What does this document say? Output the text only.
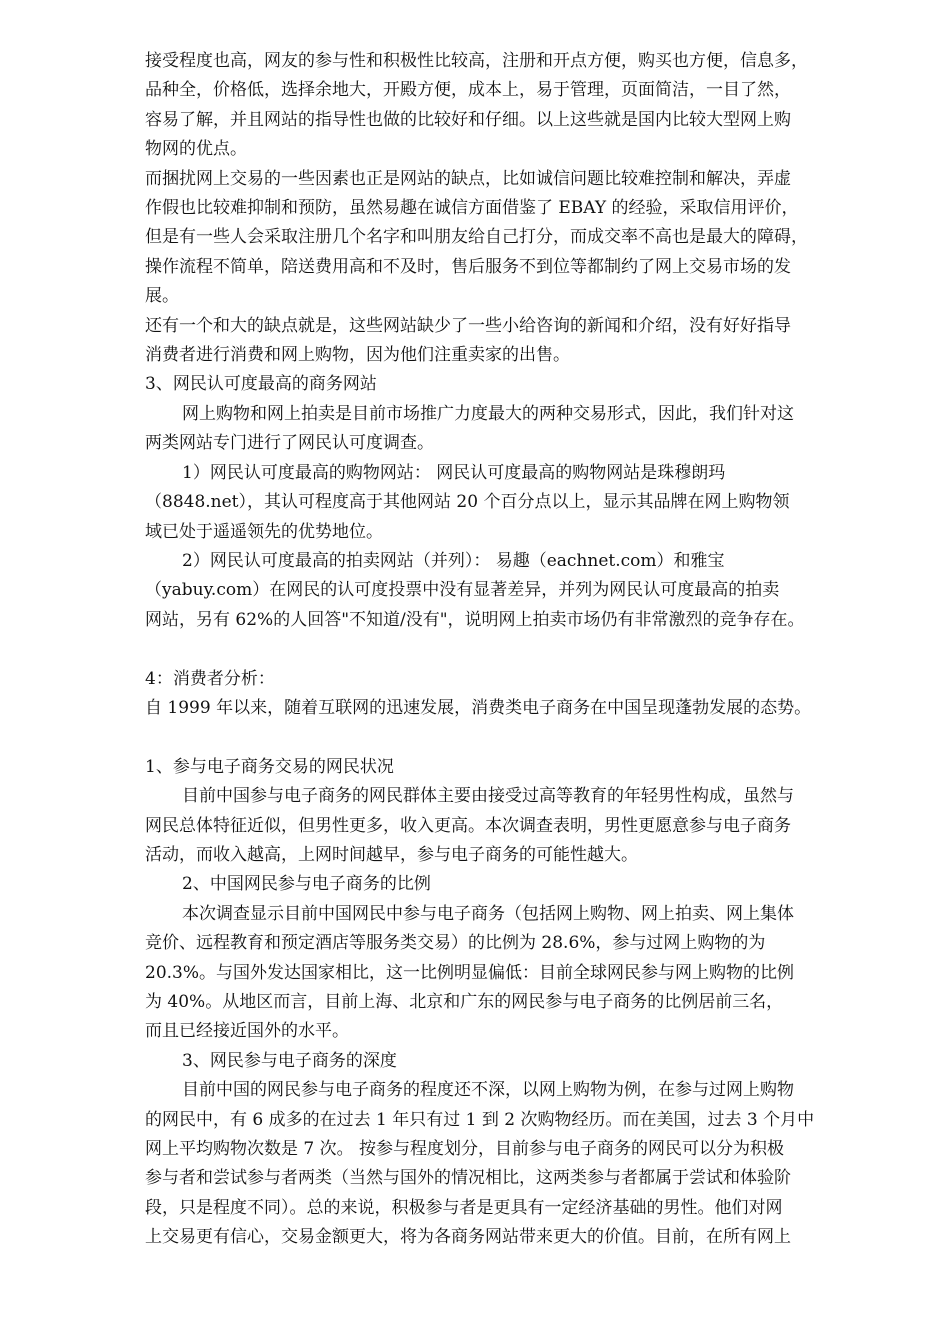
接受程度也高，网友的参与性和积极性比较高，注册和开点方便，购买也方便，信息多，
品种全，价格低，选择余地大，开殿方便，成本上，易于管理，页面简洁，一目了然，
容易了解，并且网站的指导性也做的比较好和仔细。以上这些就是国内比较大型网上购
物网的优点。
而捆扰网上交易的一些因素也正是网站的缺点，比如诚信问题比较难控制和解决，弄虚
作假也比较难抑制和预防，虽然易趣在诚信方面借鉴了 EBAY 的经验，采取信用评价，
但是有一些人会采取注册几个名字和叫朋友给自己打分，而成交率不高也是最大的障碍，
操作流程不简单，陪送费用高和不及时，售后服务不到位等都制约了网上交易市场的发
展。
还有一个和大的缺点就是，这些网站缺少了一些小给咨询的新闻和介绍，没有好好指导
消费者进行消费和网上购物，因为他们注重卖家的出售。
3、网民认可度最高的商务网站
网上购物和网上拍卖是目前市场推广力度最大的两种交易形式，因此，我们针对这
两类网站专门进行了网民认可度调查。
1）网民认可度最高的购物网站： 网民认可度最高的购物网站是珠穆朗玛
（8848.net），其认可程度高于其他网站 20 个百分点以上，显示其品牌在网上购物领
域已处于遥遥领先的优势地位。
2）网民认可度最高的拍卖网站（并列）： 易趣（eachnet.com）和雅宝
（yabuy.com）在网民的认可度投票中没有显著差异，并列为网民认可度最高的拍卖
网站，另有 62%的人回答"不知道/没有"，说明网上拍卖市场仍有非常激烈的竞争存在。
4：消费者分析：
自 1999 年以来，随着互联网的迅速发展，消费类电子商务在中国呈现蓬勃发展的态势。
1、参与电子商务交易的网民状况
目前中国参与电子商务的网民群体主要由接受过高等教育的年轻男性构成，虽然与
网民总体特征近似，但男性更多，收入更高。本次调查表明，男性更愿意参与电子商务
活动，而收入越高，上网时间越早，参与电子商务的可能性越大。
2、中国网民参与电子商务的比例
本次调查显示目前中国网民中参与电子商务（包括网上购物、网上拍卖、网上集体
竞价、远程教育和预定酒店等服务类交易）的比例为 28.6%，参与过网上购物的为
20.3%。与国外发达国家相比，这一比例明显偏低：目前全球网民参与网上购物的比例
为 40%。从地区而言，目前上海、北京和广东的网民参与电子商务的比例居前三名，
而且已经接近国外的水平。
3、网民参与电子商务的深度
目前中国的网民参与电子商务的程度还不深，以网上购物为例，在参与过网上购物
的网民中，有 6 成多的在过去 1 年只有过 1 到 2 次购物经历。而在美国，过去 3 个月中
网上平均购物次数是 7 次。 按参与程度划分，目前参与电子商务的网民可以分为积极
参与者和尝试参与者两类（当然与国外的情况相比，这两类参与者都属于尝试和体验阶
段，只是程度不同）。总的来说，积极参与者是更具有一定经济基础的男性。他们对网
上交易更有信心，交易金额更大，将为各商务网站带来更大的价值。目前，在所有网上
